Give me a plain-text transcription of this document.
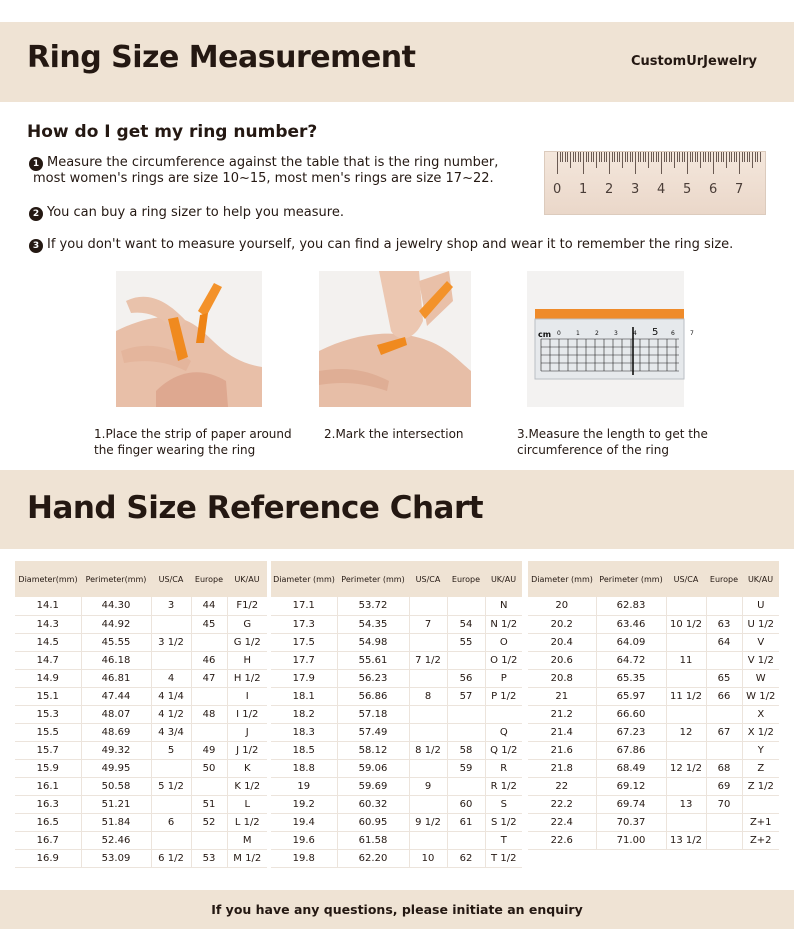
Ring Size Measurement	CustomUrJewelry
How do I get my ring number?
1 Measure the circumference against the table that is the ring number,
most women's rings are size 10~15, most men's rings are size 17~22.
2 You can buy a ring sizer to help you measure.
3 If you don't want to measure yourself, you can find a jewelry shop and wear it to remember the ring size.
0 1 2 3 4 5 6 7
cm 0	1	2	3	4 5 6	7
1.Place the strip of paper around
the finger wearing the ring
2.Mark the intersection	3.Measure the length to get the
circumference of the ring
Hand Size Reference Chart
Diameter(mm)	Perimeter(mm)	US/CA	Europe	UK/AU
14.1	44.30	3	44	F1/2
14.3	44.92		45	G
14.5	45.55	3 1/2		G 1/2
14.7	46.18		46	H
14.9	46.81	4	47	H 1/2
15.1	47.44	4 1/4		I
15.3	48.07	4 1/2	48	I 1/2
15.5	48.69	4 3/4		J
15.7	49.32	5	49	J 1/2
15.9	49.95		50	K
16.1	50.58	5 1/2		K 1/2
16.3	51.21		51	L
16.5	51.84	6	52	L 1/2
16.7	52.46			M
16.9	53.09	6 1/2	53	M 1/2
Diameter (mm)	Perimeter (mm)	US/CA	Europe	UK/AU
17.1	53.72			N
17.3	54.35	7	54	N 1/2
17.5	54.98		55	O
17.7	55.61	7 1/2		O 1/2
17.9	56.23		56	P
18.1	56.86	8	57	P 1/2
18.2	57.18			
18.3	57.49			Q
18.5	58.12	8 1/2	58	Q 1/2
18.8	59.06		59	R
19	59.69	9		R 1/2
19.2	60.32		60	S
19.4	60.95	9 1/2	61	S 1/2
19.6	61.58			T
19.8	62.20	10	62	T 1/2
Diameter (mm)	Perimeter (mm)	US/CA	Europe	UK/AU
20	62.83			U
20.2	63.46	10 1/2	63	U 1/2
20.4	64.09		64	V
20.6	64.72	11		V 1/2
20.8	65.35		65	W
21	65.97	11 1/2	66	W 1/2
21.2	66.60			X
21.4	67.23	12	67	X 1/2
21.6	67.86			Y
21.8	68.49	12 1/2	68	Z
22	69.12		69	Z 1/2
22.2	69.74	13	70	
22.4	70.37			Z+1
22.6	71.00	13 1/2		Z+2
If you have any questions, please initiate an enquiry
